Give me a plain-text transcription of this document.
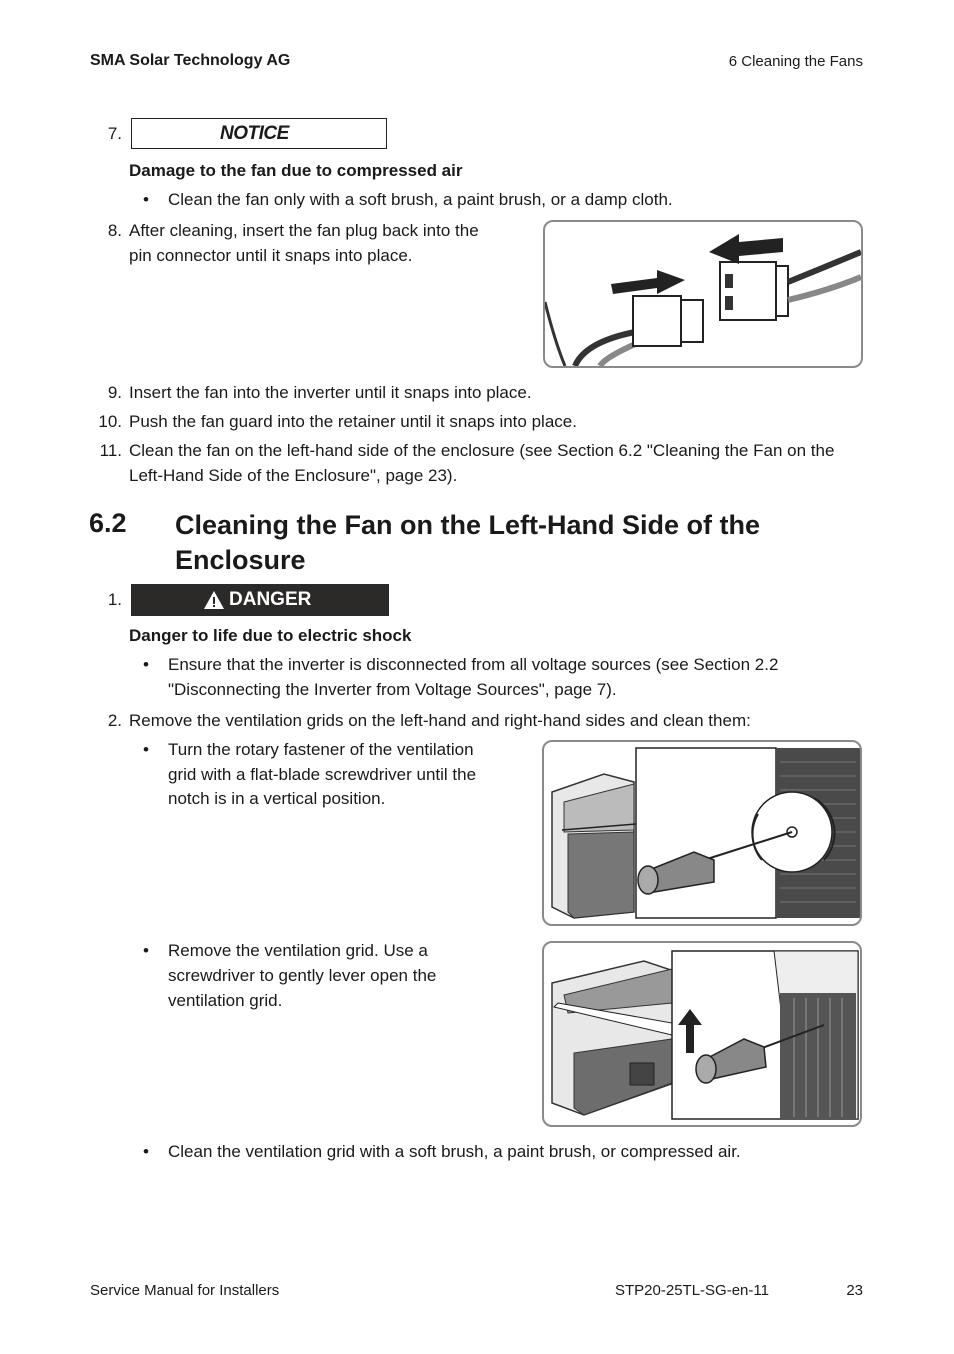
SMA Solar Technology AG	6 Cleaning the Fans
7.	NOTICE
Damage to the fan due to compressed air
• Clean the fan only with a soft brush, a paint brush, or a damp cloth.
8. After cleaning, insert the fan plug back into the
pin connector until it snaps into place.
9. Insert the fan into the inverter until it snaps into place.
10. Push the fan guard into the retainer until it snaps into place.
11. Clean the fan on the left-hand side of the enclosure (see Section 6.2 "Cleaning the Fan on the
Left-Hand Side of the Enclosure", page 23).
6.2 Cleaning the Fan on the Left-Hand Side of the
Enclosure
1.	DANGER
Danger to life due to electric shock
• Ensure that the inverter is disconnected from all voltage sources (see Section 2.2
"Disconnecting the Inverter from Voltage Sources", page 7).
2. Remove the ventilation grids on the left-hand and right-hand sides and clean them:
• Turn the rotary fastener of the ventilation
grid with a flat-blade screwdriver until the
notch is in a vertical position.
• Remove the ventilation grid. Use a
screwdriver to gently lever open the
ventilation grid.
• Clean the ventilation grid with a soft brush, a paint brush, or compressed air.
Service Manual for Installers	STP20-25TL-SG-en-11	23
